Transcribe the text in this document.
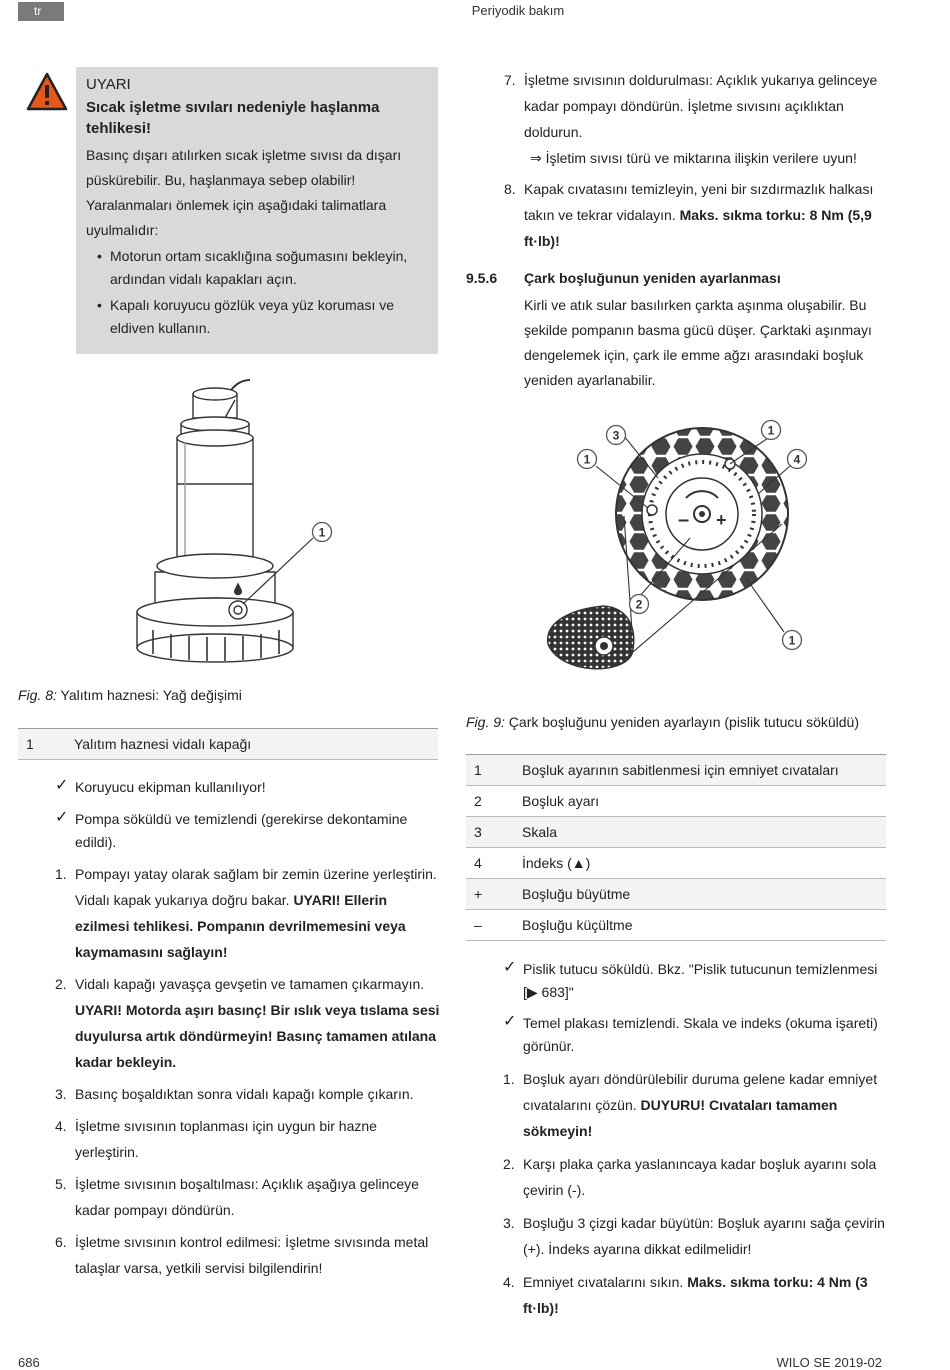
tr	Periyodik bakım
UYARI
Sıcak işletme sıvıları nedeniyle haşlanma tehlikesi!
Basınç dışarı atılırken sıcak işletme sıvısı da dışarı püskürebilir. Bu, haşlanmaya sebep olabilir! Yaralanmaları önlemek için aşağıdaki talimatlara uyulmalıdır:
• Motorun ortam sıcaklığına soğumasını bekleyin, ardından vidalı kapakları açın.
• Kapalı koruyucu gözlük veya yüz koruması ve eldiven kullanın.
1
Fig. 8: Yalıtım haznesi: Yağ değişimi
1	Yalıtım haznesi vidalı kapağı
✓ Koruyucu ekipman kullanılıyor!
✓ Pompa söküldü ve temizlendi (gerekirse dekontamine edildi).
1. Pompayı yatay olarak sağlam bir zemin üzerine yerleştirin. Vidalı kapak yukarıya doğru bakar. UYARI! Ellerin ezilmesi tehlikesi. Pompanın devrilmemesini veya kaymamasını sağlayın!
2. Vidalı kapağı yavaşça gevşetin ve tamamen çıkarmayın. UYARI! Motorda aşırı basınç! Bir ıslık veya tıslama sesi duyulursa artık döndürmeyin! Basınç tamamen atılana kadar bekleyin.
3. Basınç boşaldıktan sonra vidalı kapağı komple çıkarın.
4. İşletme sıvısının toplanması için uygun bir hazne yerleştirin.
5. İşletme sıvısının boşaltılması: Açıklık aşağıya gelinceye kadar pompayı döndürün.
6. İşletme sıvısının kontrol edilmesi: İşletme sıvısında metal talaşlar varsa, yetkili servisi bilgilendirin!
7. İşletme sıvısının doldurulması: Açıklık yukarıya gelinceye kadar pompayı döndürün. İşletme sıvısını açıklıktan doldurun.
⇒ İşletim sıvısı türü ve miktarına ilişkin verilere uyun!
8. Kapak cıvatasını temizleyin, yeni bir sızdırmazlık halkası takın ve tekrar vidalayın. Maks. sıkma torku: 8 Nm (5,9 ft·lb)!
9.5.6 Çark boşluğunun yeniden ayarlanması
Kirli ve atık sular basılırken çarkta aşınma oluşabilir. Bu şekilde pompanın basma gücü düşer. Çarktaki aşınmayı dengelemek için, çark ile emme ağzı arasındaki boşluk yeniden ayarlanabilir.
– +
3	1
1	4
2
1
Fig. 9: Çark boşluğunu yeniden ayarlayın (pislik tutucu söküldü)
1	Boşluk ayarının sabitlenmesi için emniyet cıvataları
2	Boşluk ayarı
3	Skala
4	İndeks (▲)
+	Boşluğu büyütme
–	Boşluğu küçültme
✓ Pislik tutucu söküldü. Bkz. "Pislik tutucunun temizlenmesi [▶ 683]"
✓ Temel plakası temizlendi. Skala ve indeks (okuma işareti) görünür.
1. Boşluk ayarı döndürülebilir duruma gelene kadar emniyet cıvatalarını çözün. DUYURU! Cıvataları tamamen sökmeyin!
2. Karşı plaka çarka yaslanıncaya kadar boşluk ayarını sola çevirin (-).
3. Boşluğu 3 çizgi kadar büyütün: Boşluk ayarını sağa çevirin (+). İndeks ayarına dikkat edilmelidir!
4. Emniyet cıvatalarını sıkın. Maks. sıkma torku: 4 Nm (3 ft·lb)!
686	WILO SE 2019-02
